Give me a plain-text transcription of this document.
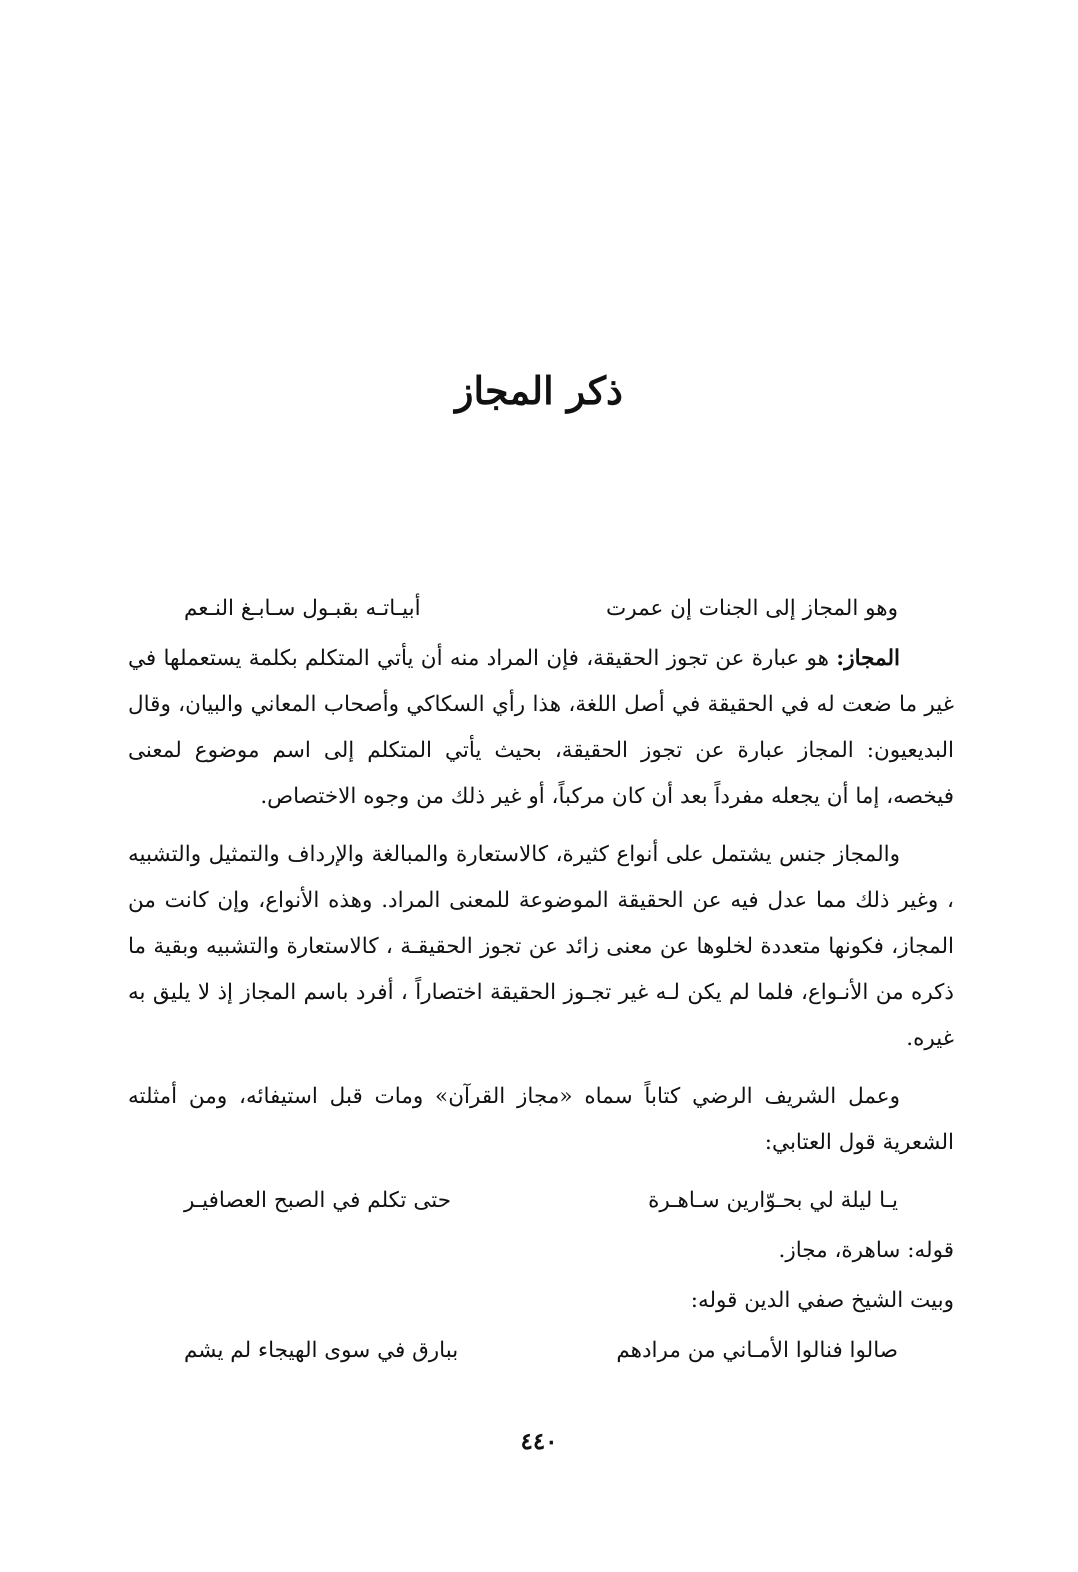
ذكر المجاز
وهو المجاز إلى الجنات إن عمرت
أبيـاتـه بقبـول سـابـغ النـعم

المجاز: هو عبارة عن تجوز الحقيقة، فإن المراد منه أن يأتي المتكلم بكلمة يستعملها في غير ما ضعت له في الحقيقة في أصل اللغة، هذا رأي السكاكي وأصحاب المعاني والبيان، وقال البديعيون: المجاز عبارة عن تجوز الحقيقة، بحيث يأتي المتكلم إلى اسم موضوع لمعنى فيخصه، إما أن يجعله مفرداً بعد أن كان مركباً، أو غير ذلك من وجوه الاختصاص.

والمجاز جنس يشتمل على أنواع كثيرة، كالاستعارة والمبالغة والإرداف والتمثيل والتشبيه ، وغير ذلك مما عدل فيه عن الحقيقة الموضوعة للمعنى المراد. وهذه الأنواع، وإن كانت من المجاز، فكونها متعددة لخلوها عن معنى زائد عن تجوز الحقيقـة ، كالاستعارة والتشبيه وبقية ما ذكره من الأنـواع، فلما لم يكن لـه غير تجـوز الحقيقة اختصاراً ، أفرد باسم المجاز إذ لا يليق به غيره.

وعمل الشريف الرضي كتاباً سماه «مجاز القرآن» ومات قبل استيفائه، ومن أمثلته الشعرية قول العتابي:

يـا ليلة لي بحـوّارين سـاهـرة
حتى تكلم في الصبح العصافيـر
قوله: ساهرة، مجاز.
وبيت الشيخ صفي الدين قوله:
صالوا فنالوا الأمـاني من مرادهم
ببارق في سوى الهيجاء لم يشم
٤٤٠
